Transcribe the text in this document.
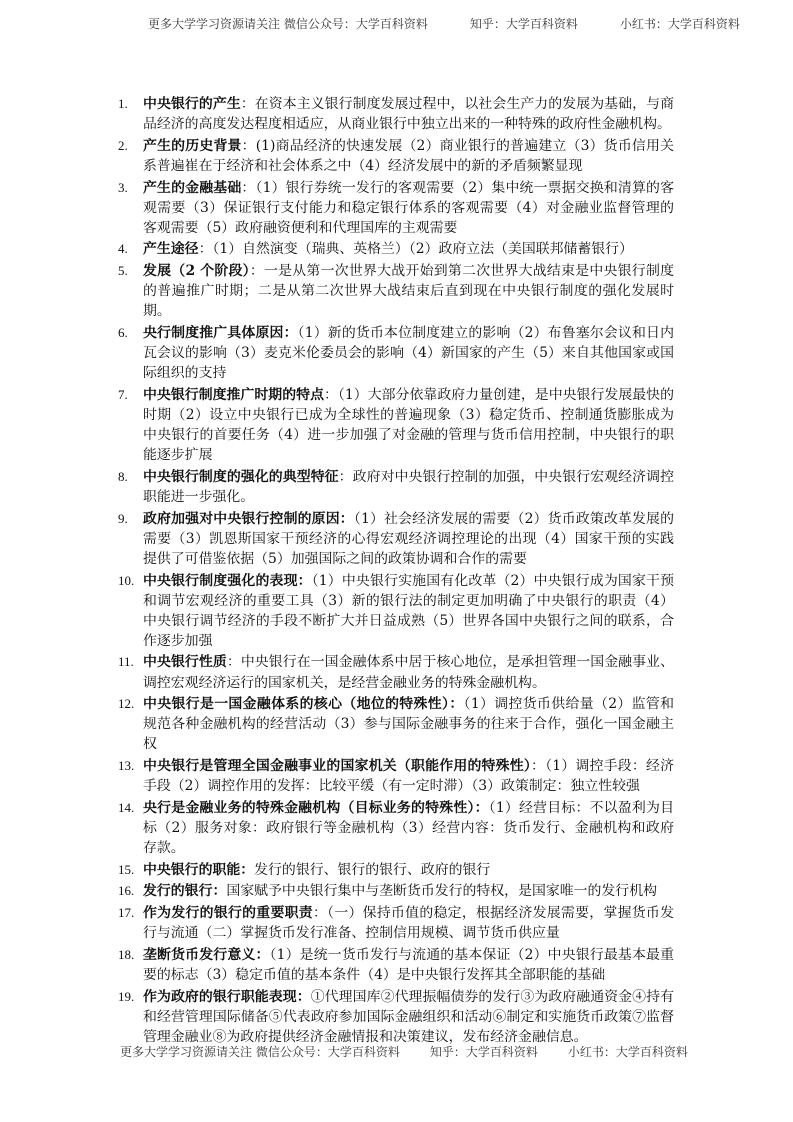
更多大学学习资源请关注 微信公众号：大学百科资料	知乎：大学百科资料	小红书：大学百科资料
1. 中央银行的产生：在资本主义银行制度发展过程中，以社会生产力的发展为基础，与商品经济的高度发达程度相适应，从商业银行中独立出来的一种特殊的政府性金融机构。
2. 产生的历史背景：(1)商品经济的快速发展（2）商业银行的普遍建立（3）货币信用关系普遍崔在于经济和社会体系之中（4）经济发展中的新的矛盾频繁显现
3. 产生的金融基础：（1）银行券统一发行的客观需要（2）集中统一票据交换和清算的客观需要（3）保证银行支付能力和稳定银行体系的客观需要（4）对金融业监督管理的客观需要（5）政府融资便利和代理国库的主观需要
4. 产生途径：（1）自然演变（瑞典、英格兰）（2）政府立法（美国联邦储蓄银行）
5. 发展（2 个阶段）：一是从第一次世界大战开始到第二次世界大战结束是中央银行制度的普遍推广时期；二是从第二次世界大战结束后直到现在中央银行制度的强化发展时期。
6. 央行制度推广具体原因：（1）新的货币本位制度建立的影响（2）布鲁塞尔会议和日内瓦会议的影响（3）麦克米伦委员会的影响（4）新国家的产生（5）来自其他国家或国际组织的支持
7. 中央银行制度推广时期的特点：（1）大部分依靠政府力量创建，是中央银行发展最快的时期（2）设立中央银行已成为全球性的普遍现象（3）稳定货币、控制通货膨胀成为中央银行的首要任务（4）进一步加强了对金融的管理与货币信用控制，中央银行的职能逐步扩展
8. 中央银行制度的强化的典型特征：政府对中央银行控制的加强，中央银行宏观经济调控职能进一步强化。
9. 政府加强对中央银行控制的原因：（1）社会经济发展的需要（2）货币政策改革发展的需要（3）凯恩斯国家干预经济的心得宏观经济调控理论的出现（4）国家干预的实践提供了可借鉴依据（5）加强国际之间的政策协调和合作的需要
10. 中央银行制度强化的表现：（1）中央银行实施国有化改革（2）中央银行成为国家干预和调节宏观经济的重要工具（3）新的银行法的制定更加明确了中央银行的职责（4）中央银行调节经济的手段不断扩大并日益成熟（5）世界各国中央银行之间的联系，合作逐步加强
11. 中央银行性质：中央银行在一国金融体系中居于核心地位，是承担管理一国金融事业、调控宏观经济运行的国家机关，是经营金融业务的特殊金融机构。
12. 中央银行是一国金融体系的核心（地位的特殊性）：（1）调控货币供给量（2）监管和规范各种金融机构的经营活动（3）参与国际金融事务的往来于合作，强化一国金融主权
13. 中央银行是管理全国金融事业的国家机关（职能作用的特殊性）：（1）调控手段：经济手段（2）调控作用的发挥：比较平缓（有一定时滞）（3）政策制定：独立性较强
14. 央行是金融业务的特殊金融机构（目标业务的特殊性）：（1）经营目标：不以盈利为目标（2）服务对象：政府银行等金融机构（3）经营内容：货币发行、金融机构和政府存款。
15. 中央银行的职能：发行的银行、银行的银行、政府的银行
16. 发行的银行：国家赋予中央银行集中与垄断货币发行的特权，是国家唯一的发行机构
17. 作为发行的银行的重要职责：（一）保持币值的稳定，根据经济发展需要，掌握货币发行与流通（二）掌握货币发行准备、控制信用规模、调节货币供应量
18. 垄断货币发行意义：（1）是统一货币发行与流通的基本保证（2）中央银行最基本最重要的标志（3）稳定币值的基本条件（4）是中央银行发挥其全部职能的基础
19. 作为政府的银行职能表现：①代理国库②代理振幅债券的发行③为政府融通资金④持有和经营管理国际储备⑤代表政府参加国际金融组织和活动⑥制定和实施货币政策⑦监督管理金融业⑧为政府提供经济金融情报和决策建议，发布经济金融信息。
更多大学学习资源请关注 微信公众号：大学百科资料	知乎：大学百科资料	小红书：大学百科资料
